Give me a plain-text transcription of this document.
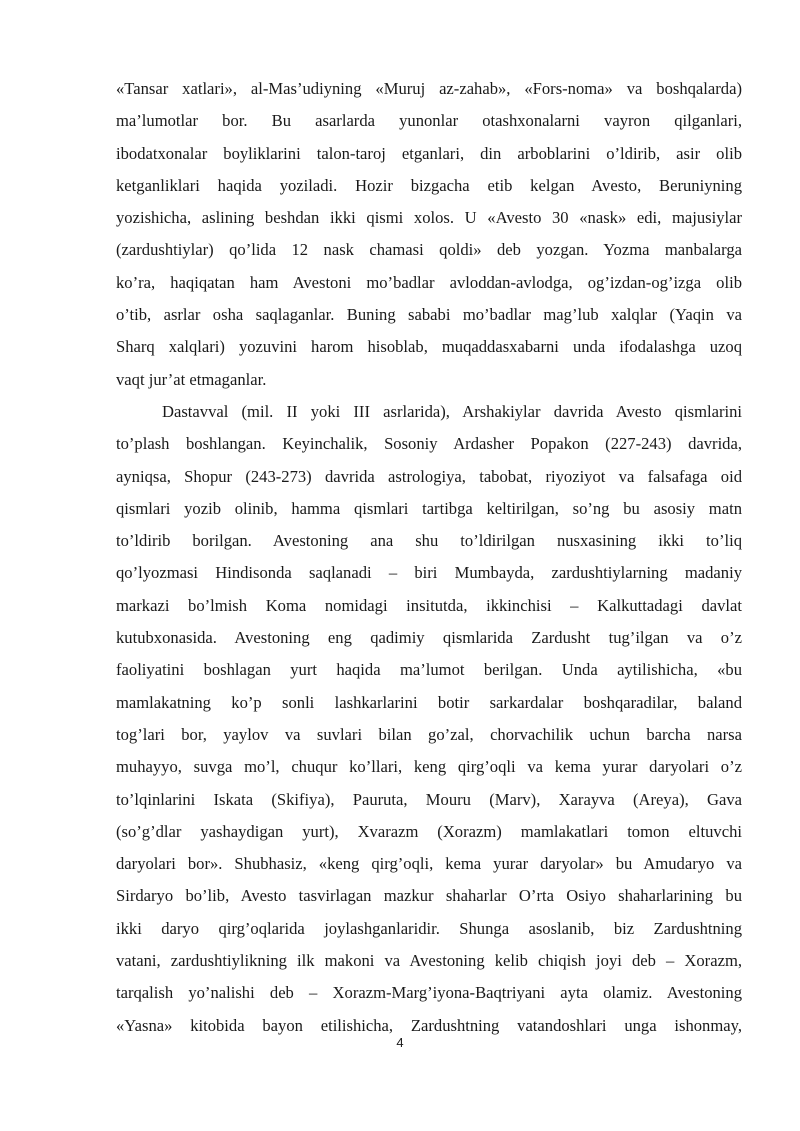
«Tansar xatlari», al-Mas’udiyning «Muruj az-zahab», «Fors-noma» va boshqalarda)
ma’lumotlar bor. Bu asarlarda yunonlar otashxonalarni vayron qilganlari,
ibodatxonalar boyliklarini talon-taroj etganlari, din arboblarini o’ldirib, asir olib
ketganliklari haqida yoziladi. Hozir bizgacha etib kelgan Avesto, Beruniyning
yozishicha, aslining beshdan ikki qismi xolos. U «Avesto 30 «nask» edi, majusiylar
(zardushtiylar) qo’lida 12 nask chamasi qoldi» deb yozgan. Yozma manbalarga
ko’ra, haqiqatan ham Avestoni mo’badlar avloddan-avlodga, og’izdan-og’izga olib
o’tib, asrlar osha saqlaganlar. Buning sababi mo’badlar mag’lub xalqlar (Yaqin va
Sharq xalqlari) yozuvini harom hisoblab, muqaddasxabarni unda ifodalashga uzoq
vaqt jur’at etmaganlar.
Dastavval (mil. II yoki III asrlarida), Arshakiylar davrida Avesto qismlarini
to’plash boshlangan. Keyinchalik, Sosoniy Ardasher Popakon (227-243) davrida,
ayniqsa, Shopur (243-273) davrida astrologiya, tabobat, riyoziyot va falsafaga oid
qismlari yozib olinib, hamma qismlari tartibga keltirilgan, so’ng bu asosiy matn
to’ldirib borilgan. Avestoning ana shu to’ldirilgan nusxasining ikki to’liq
qo’lyozmasi Hindisonda saqlanadi – biri Mumbayda, zardushtiylarning madaniy
markazi bo’lmish Koma nomidagi insitutda, ikkinchisi – Kalkuttadagi davlat
kutubxonasida. Avestoning eng qadimiy qismlarida Zardusht tug’ilgan va o’z
faoliyatini boshlagan yurt haqida ma’lumot berilgan. Unda aytilishicha, «bu
mamlakatning ko’p sonli lashkarlarini botir sarkardalar boshqaradilar, baland
tog’lari bor, yaylov va suvlari bilan go’zal, chorvachilik uchun barcha narsa
muhayyo, suvga mo’l, chuqur ko’llari, keng qirg’oqli va kema yurar daryolari o’z
to’lqinlarini Iskata (Skifiya), Pauruta, Mouru (Marv), Xarayva (Areya), Gava
(so’g’dlar yashaydigan yurt), Xvarazm (Xorazm) mamlakatlari tomon eltuvchi
daryolari bor». Shubhasiz, «keng qirg’oqli, kema yurar daryolar» bu Amudaryo va
Sirdaryo bo’lib, Avesto tasvirlagan mazkur shaharlar O’rta Osiyo shaharlarining bu
ikki daryo qirg’oqlarida joylashganlaridir. Shunga asoslanib, biz Zardushtning
vatani, zardushtiylikning ilk makoni va Avestoning kelib chiqish joyi deb – Xorazm,
tarqalish yo’nalishi deb – Xorazm-Marg’iyona-Baqtriyani ayta olamiz. Avestoning
«Yasna» kitobida bayon etilishicha, Zardushtning vatandoshlari unga ishonmay,
4
